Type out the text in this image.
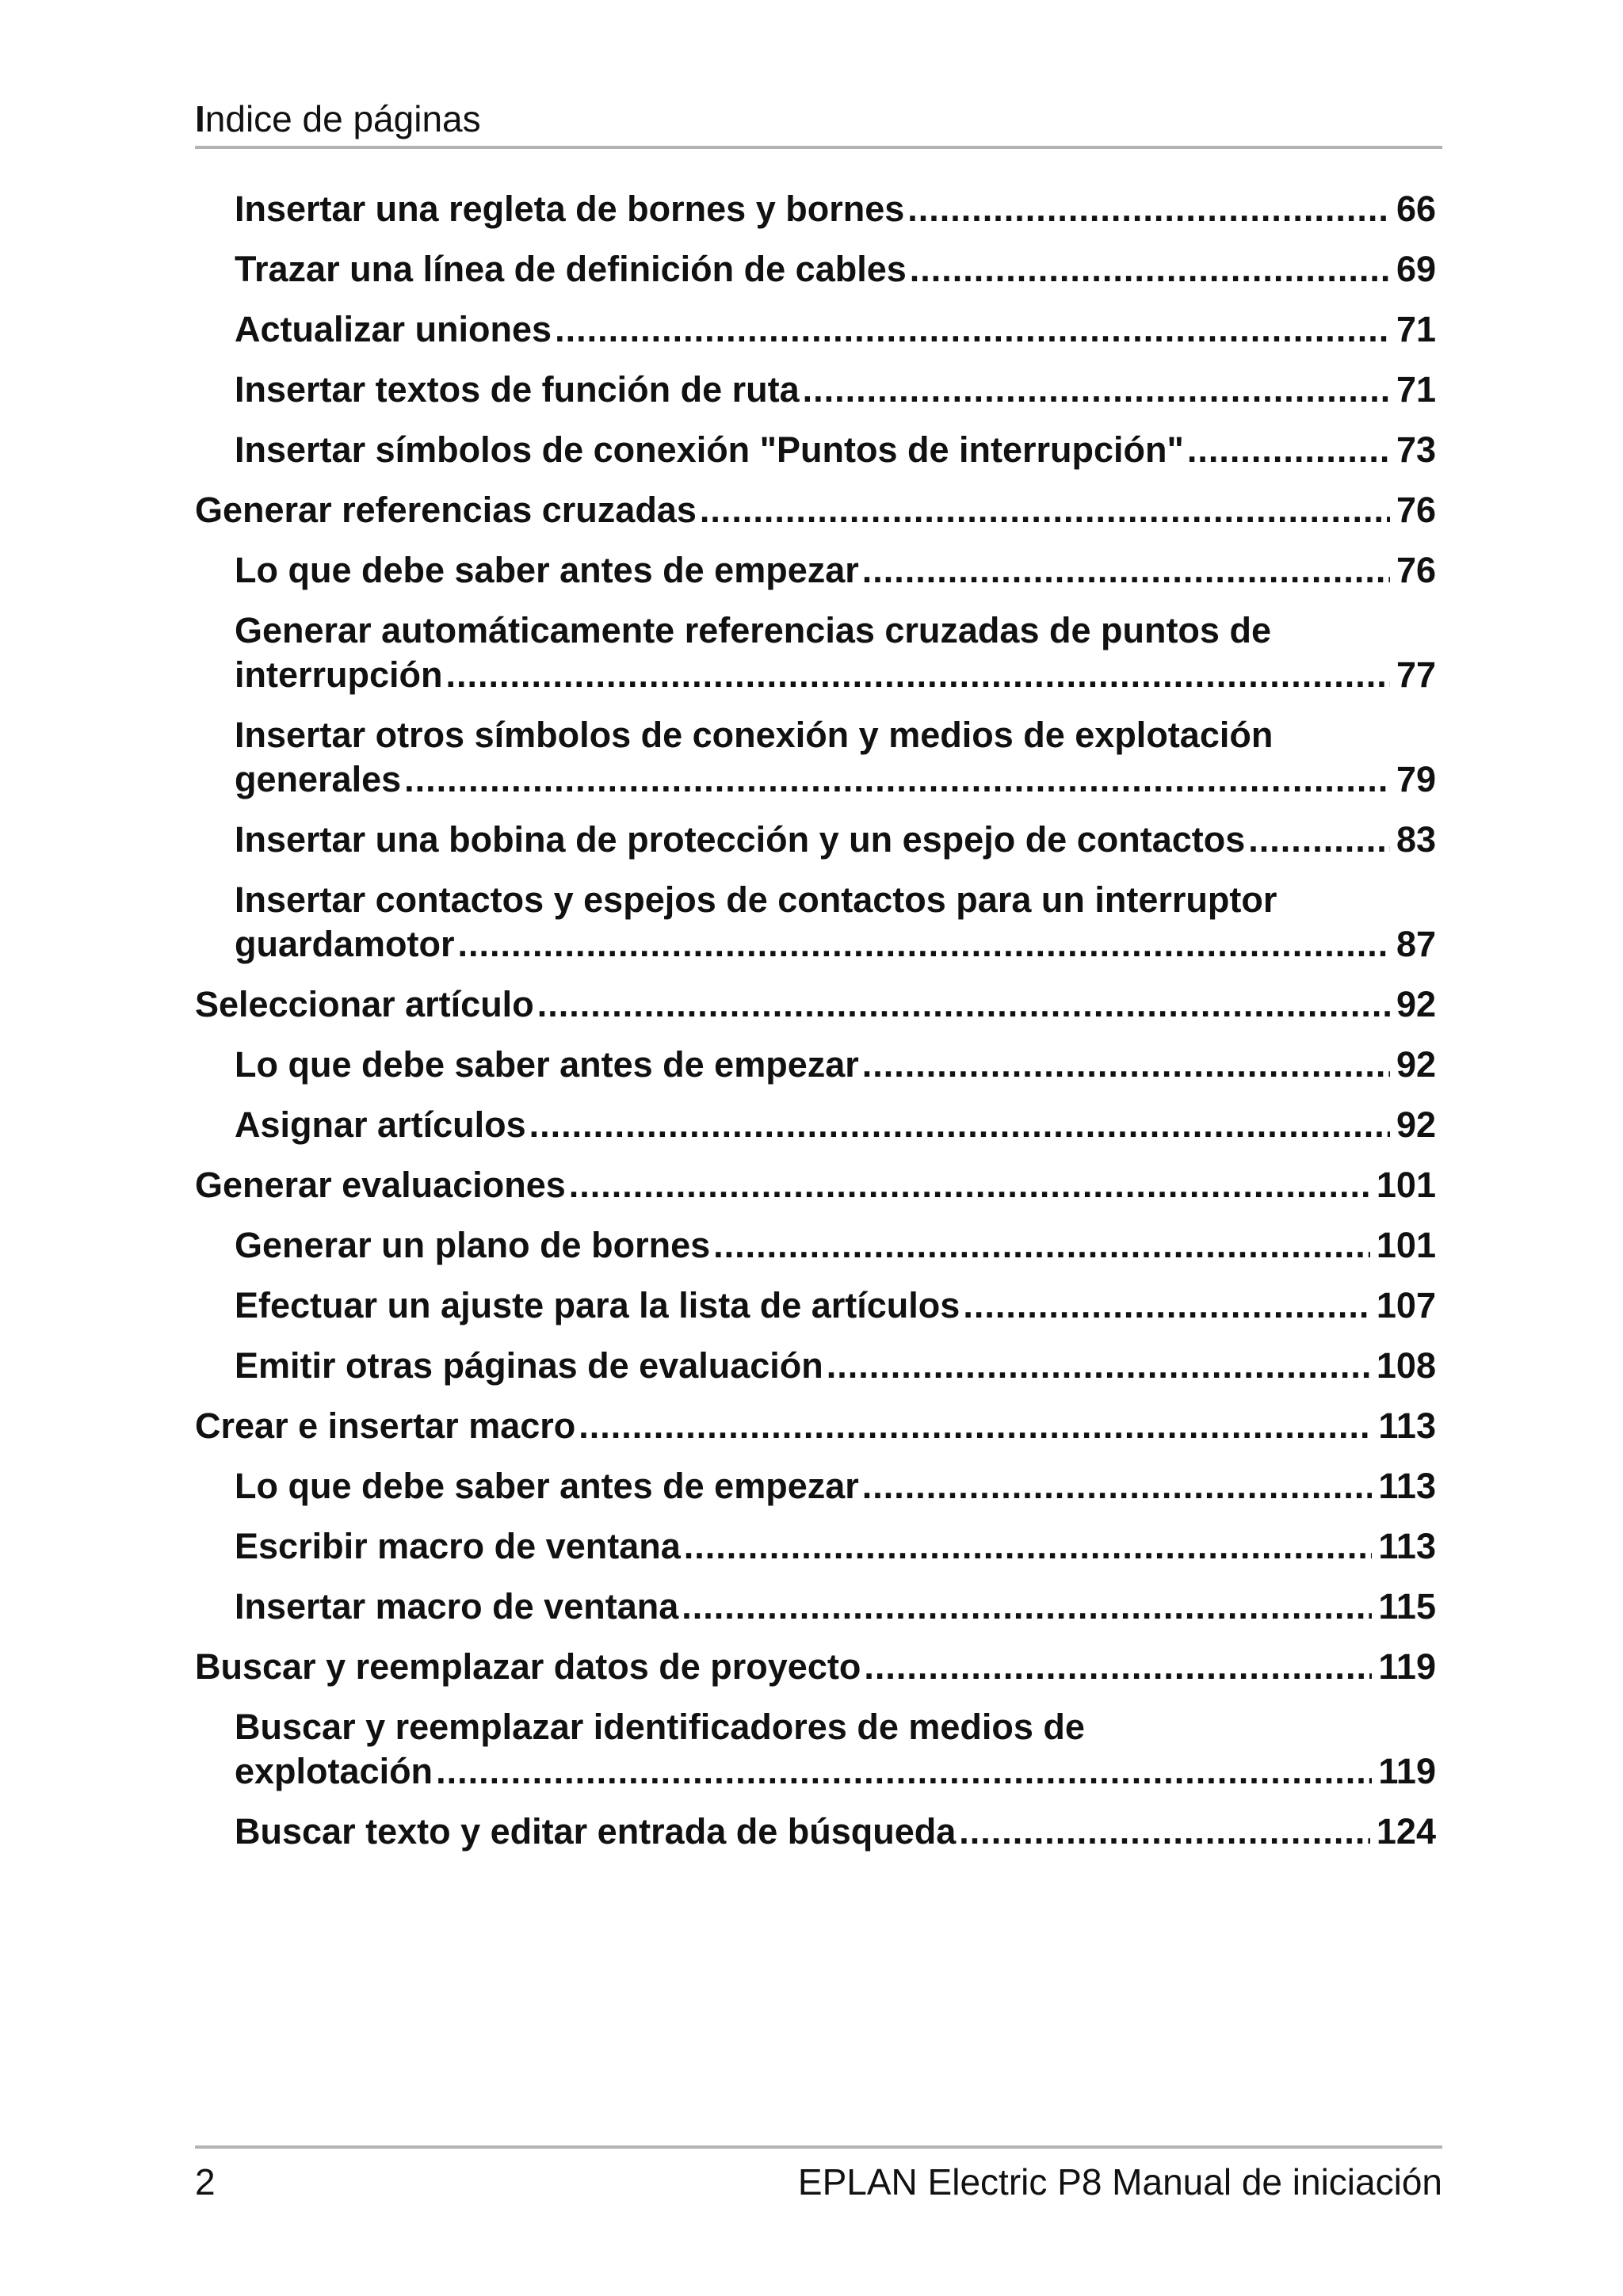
Indice de páginas
Insertar una regleta de bornes y bornes .....	66
Trazar una línea de definición de cables .....	69
Actualizar uniones .....	71
Insertar textos de función de ruta .....	71
Insertar símbolos de conexión "Puntos de interrupción" .....	73
Generar referencias cruzadas .....	76
Lo que debe saber antes de empezar .....	76
Generar automáticamente referencias cruzadas de puntos de
interrupción .....	77
Insertar otros símbolos de conexión y medios de explotación
generales .....	79
Insertar una bobina de protección y un espejo de contactos .....	83
Insertar contactos y espejos de contactos para un interruptor
guardamotor .....	87
Seleccionar artículo .....	92
Lo que debe saber antes de empezar .....	92
Asignar artículos .....	92
Generar evaluaciones .....	101
Generar un plano de bornes .....	101
Efectuar un ajuste para la lista de artículos .....	107
Emitir otras páginas de evaluación .....	108
Crear e insertar macro .....	113
Lo que debe saber antes de empezar .....	113
Escribir macro de ventana .....	113
Insertar macro de ventana .....	115
Buscar y reemplazar datos de proyecto .....	119
Buscar y reemplazar identificadores de medios de
explotación .....	119
Buscar texto y editar entrada de búsqueda .....	124
2	EPLAN Electric P8 Manual de iniciación
